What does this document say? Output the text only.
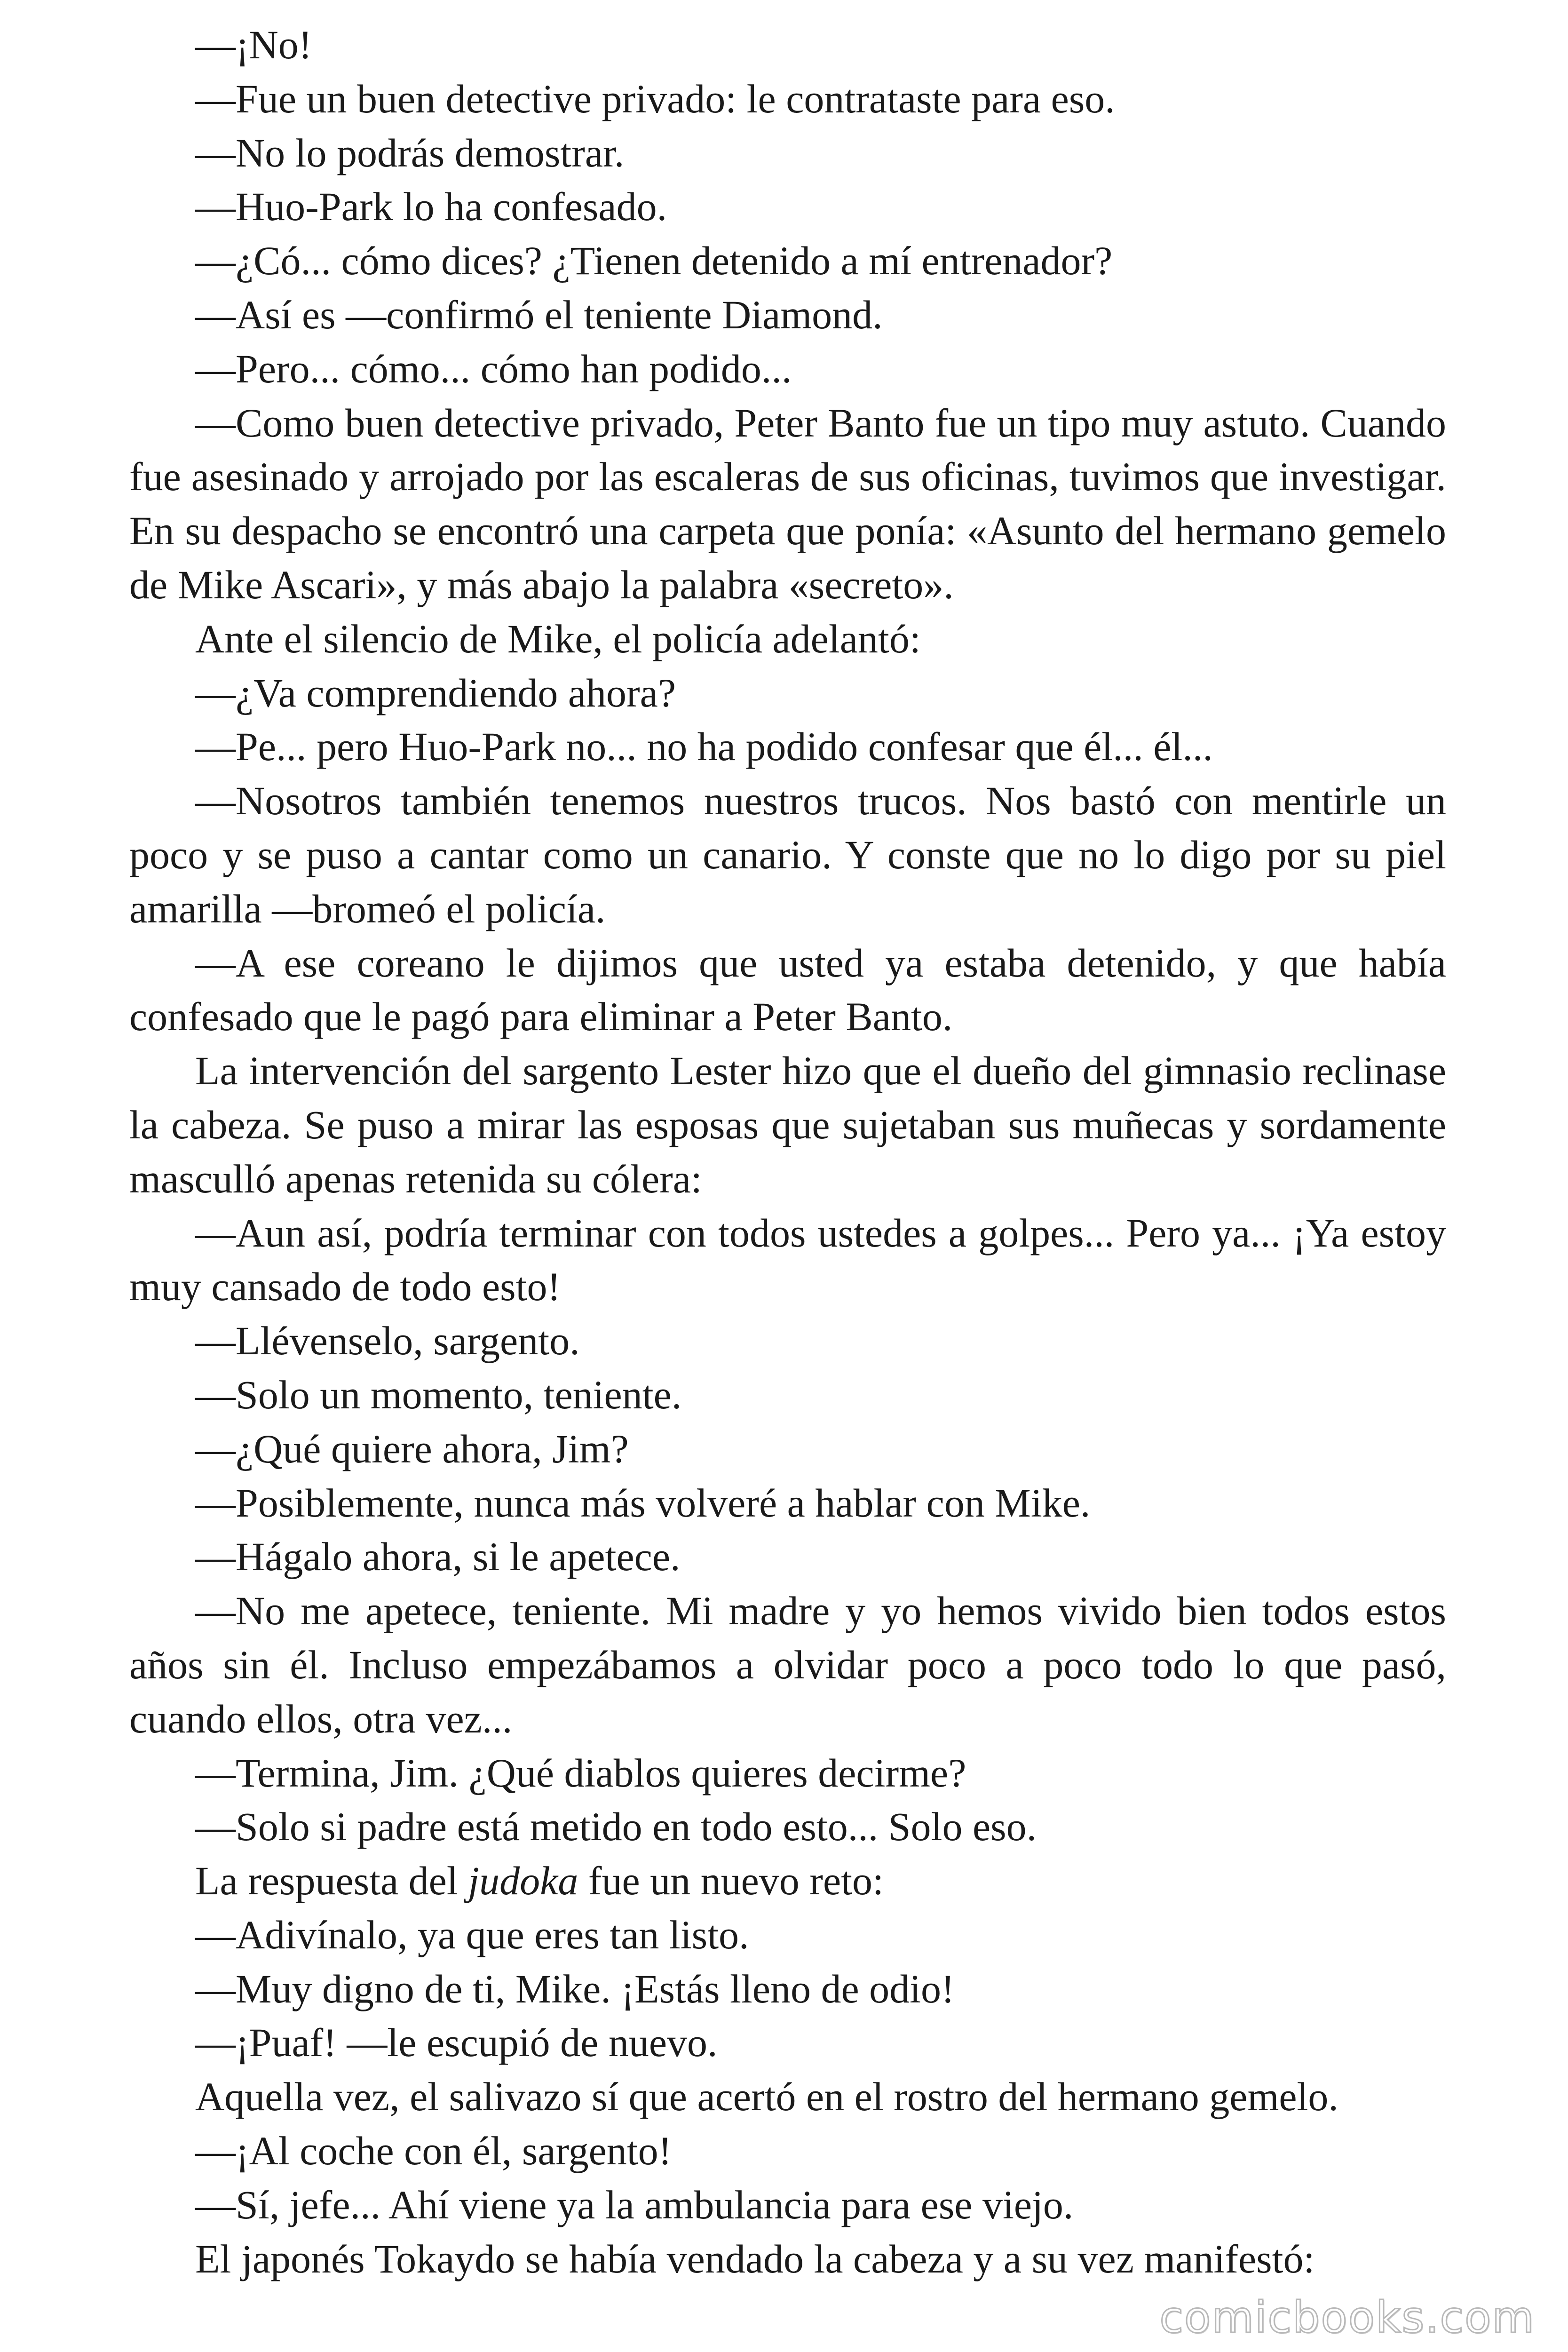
—¡No!

—Fue un buen detective privado: le contrataste para eso.

—No lo podrás demostrar.

—Huo-Park lo ha confesado.

—¿Có... cómo dices? ¿Tienen detenido a mí entrenador?

—Así es —confirmó el teniente Diamond.

—Pero... cómo... cómo han podido...

—Como buen detective privado, Peter Banto fue un tipo muy astuto. Cuando fue asesinado y arrojado por las escaleras de sus oficinas, tuvimos que investigar. En su despacho se encontró una carpeta que ponía: «Asunto del hermano gemelo de Mike Ascari», y más abajo la palabra «secreto».

Ante el silencio de Mike, el policía adelantó:

—¿Va comprendiendo ahora?

—Pe... pero Huo-Park no... no ha podido confesar que él... él...

—Nosotros también tenemos nuestros trucos. Nos bastó con mentirle un poco y se puso a cantar como un canario. Y conste que no lo digo por su piel amarilla —bromeó el policía.

—A ese coreano le dijimos que usted ya estaba detenido, y que había confesado que le pagó para eliminar a Peter Banto.

La intervención del sargento Lester hizo que el dueño del gimnasio reclinase la cabeza. Se puso a mirar las esposas que sujetaban sus muñecas y sordamente masculló apenas retenida su cólera:

—Aun así, podría terminar con todos ustedes a golpes... Pero ya... ¡Ya estoy muy cansado de todo esto!

—Llévenselo, sargento.

—Solo un momento, teniente.

—¿Qué quiere ahora, Jim?

—Posiblemente, nunca más volveré a hablar con Mike.

—Hágalo ahora, si le apetece.

—No me apetece, teniente. Mi madre y yo hemos vivido bien todos estos años sin él. Incluso empezábamos a olvidar poco a poco todo lo que pasó, cuando ellos, otra vez...

—Termina, Jim. ¿Qué diablos quieres decirme?

—Solo si padre está metido en todo esto... Solo eso.

La respuesta del judoka fue un nuevo reto:

—Adivínalo, ya que eres tan listo.

—Muy digno de ti, Mike. ¡Estás lleno de odio!

—¡Puaf! —le escupió de nuevo.

Aquella vez, el salivazo sí que acertó en el rostro del hermano gemelo.

—¡Al coche con él, sargento!

—Sí, jefe... Ahí viene ya la ambulancia para ese viejo.

El japonés Tokaydo se había vendado la cabeza y a su vez manifestó:

comicbooks.com
